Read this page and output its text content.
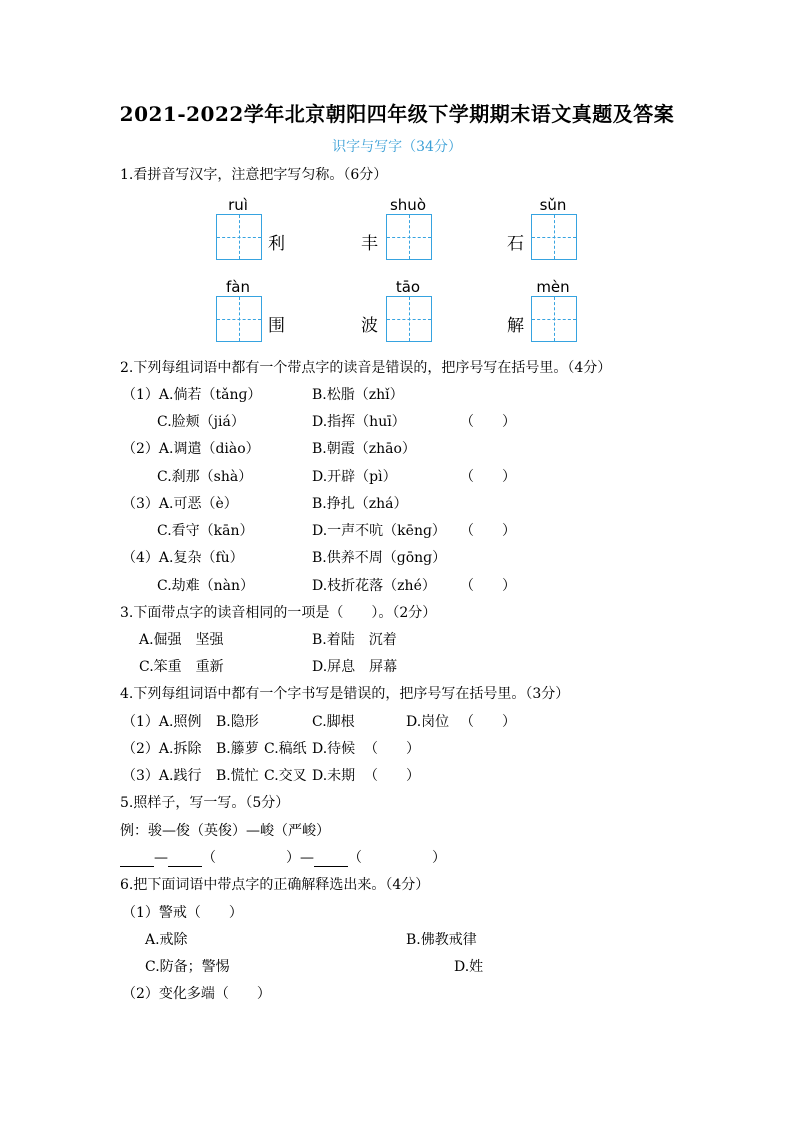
2021-2022学年北京朝阳四年级下学期期末语文真题及答案
识字与写字（34分）
1.看拼音写汉字，注意把字写匀称。（6分）
ruì
利
shuò
丰
sǔn
石
fàn
围
tāo
波
mèn
解
2.下列每组词语中都有一个带点字的读音是错误的，把序号写在括号里。（4分）
（1）A.倘若（tǎnɡ）	B.松脂（zhǐ）
C.脸颊（jiá）	D.指挥（huī）	（　　）
（2）A.调遣（diào）	B.朝霞（zhāo）
C.刹那（shà）	D.开辟（pì）	（　　）
（3）A.可恶（è）	B.挣扎（zhá）
C.看守（kān）	D.一声不吭（kēnɡ） （　　）
（4）A.复杂（fù）	B.供养不周（ɡōnɡ）
C.劫难（nàn）	D.枝折花落（zhé） （　　）
3.下面带点字的读音相同的一项是（　　）。（2分）
A.倔强　坚强	B.着陆　沉着
C.笨重　重新	D.屏息　屏幕
4.下列每组词语中都有一个字书写是错误的，把序号写在括号里。（3分）
（1）A.照例 B.隐形	C.脚根	D.岗位 （　　）
（2）A.拆除 B.籐萝 C.稿纸 D.待候 （　　）
（3）A.践行 B.慌忙 C.交叉 D.未期 （　　）
5.照样子，写一写。（5分）
例：骏—俊（英俊）—峻（严峻）
— （　　　　　）— （　　　　　）
6.把下面词语中带点字的正确解释选出来。（4分）
（1）警戒（　　）
A.戒除	B.佛教戒律
C.防备；警惕	D.姓
（2）变化多端（　　）
